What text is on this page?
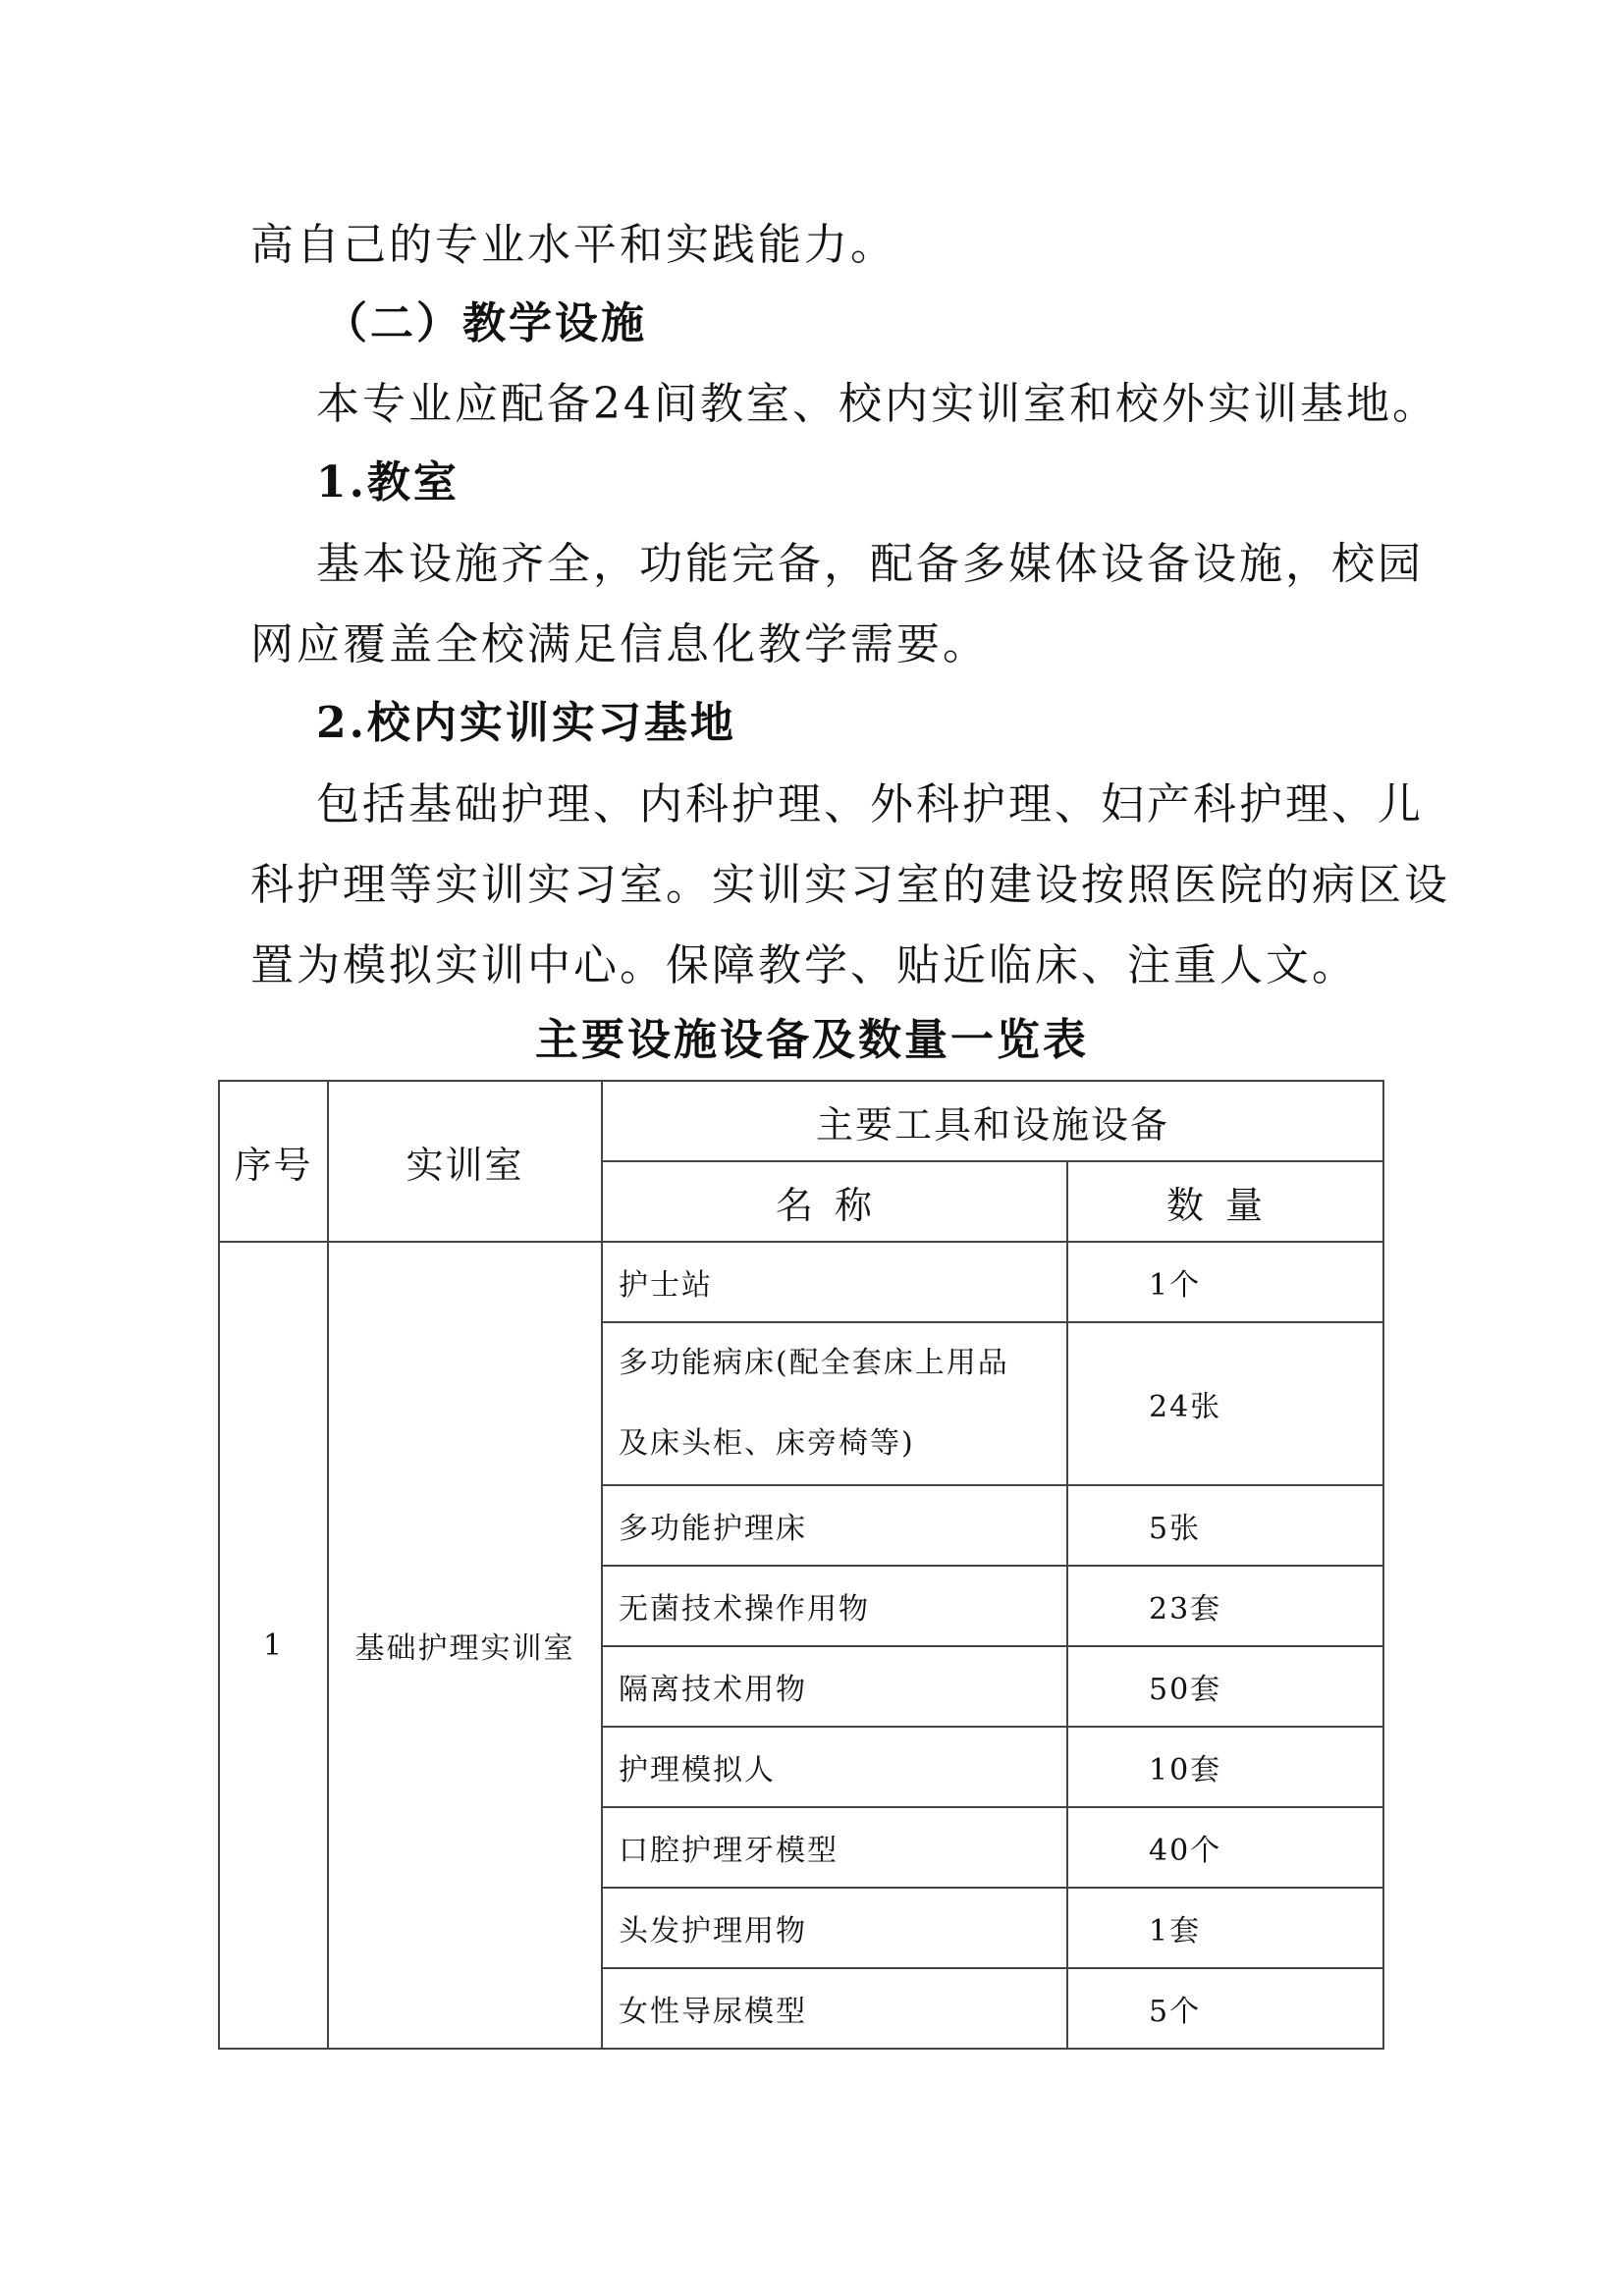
高自己的专业水平和实践能力。
（二）教学设施
本专业应配备24间教室、校内实训室和校外实训基地。
1.教室
基本设施齐全，功能完备，配备多媒体设备设施，校园
网应覆盖全校满足信息化教学需要。
2.校内实训实习基地
包括基础护理、内科护理、外科护理、妇产科护理、儿
科护理等实训实习室。实训实习室的建设按照医院的病区设
置为模拟实训中心。保障教学、贴近临床、注重人文。
主要设施设备及数量一览表
序号	实训室	主要工具和设施设备	
		名称	数量
1	基础护理实训室	护士站	1个

		多功能病床(配全套床上用品
及床头柜、床旁椅等)	24张
		多功能护理床	5张
		无菌技术操作用物	23套
		隔离技术用物	50套
		护理模拟人	10套
		口腔护理牙模型	40个
		头发护理用物	1套
		女性导尿模型	5个
